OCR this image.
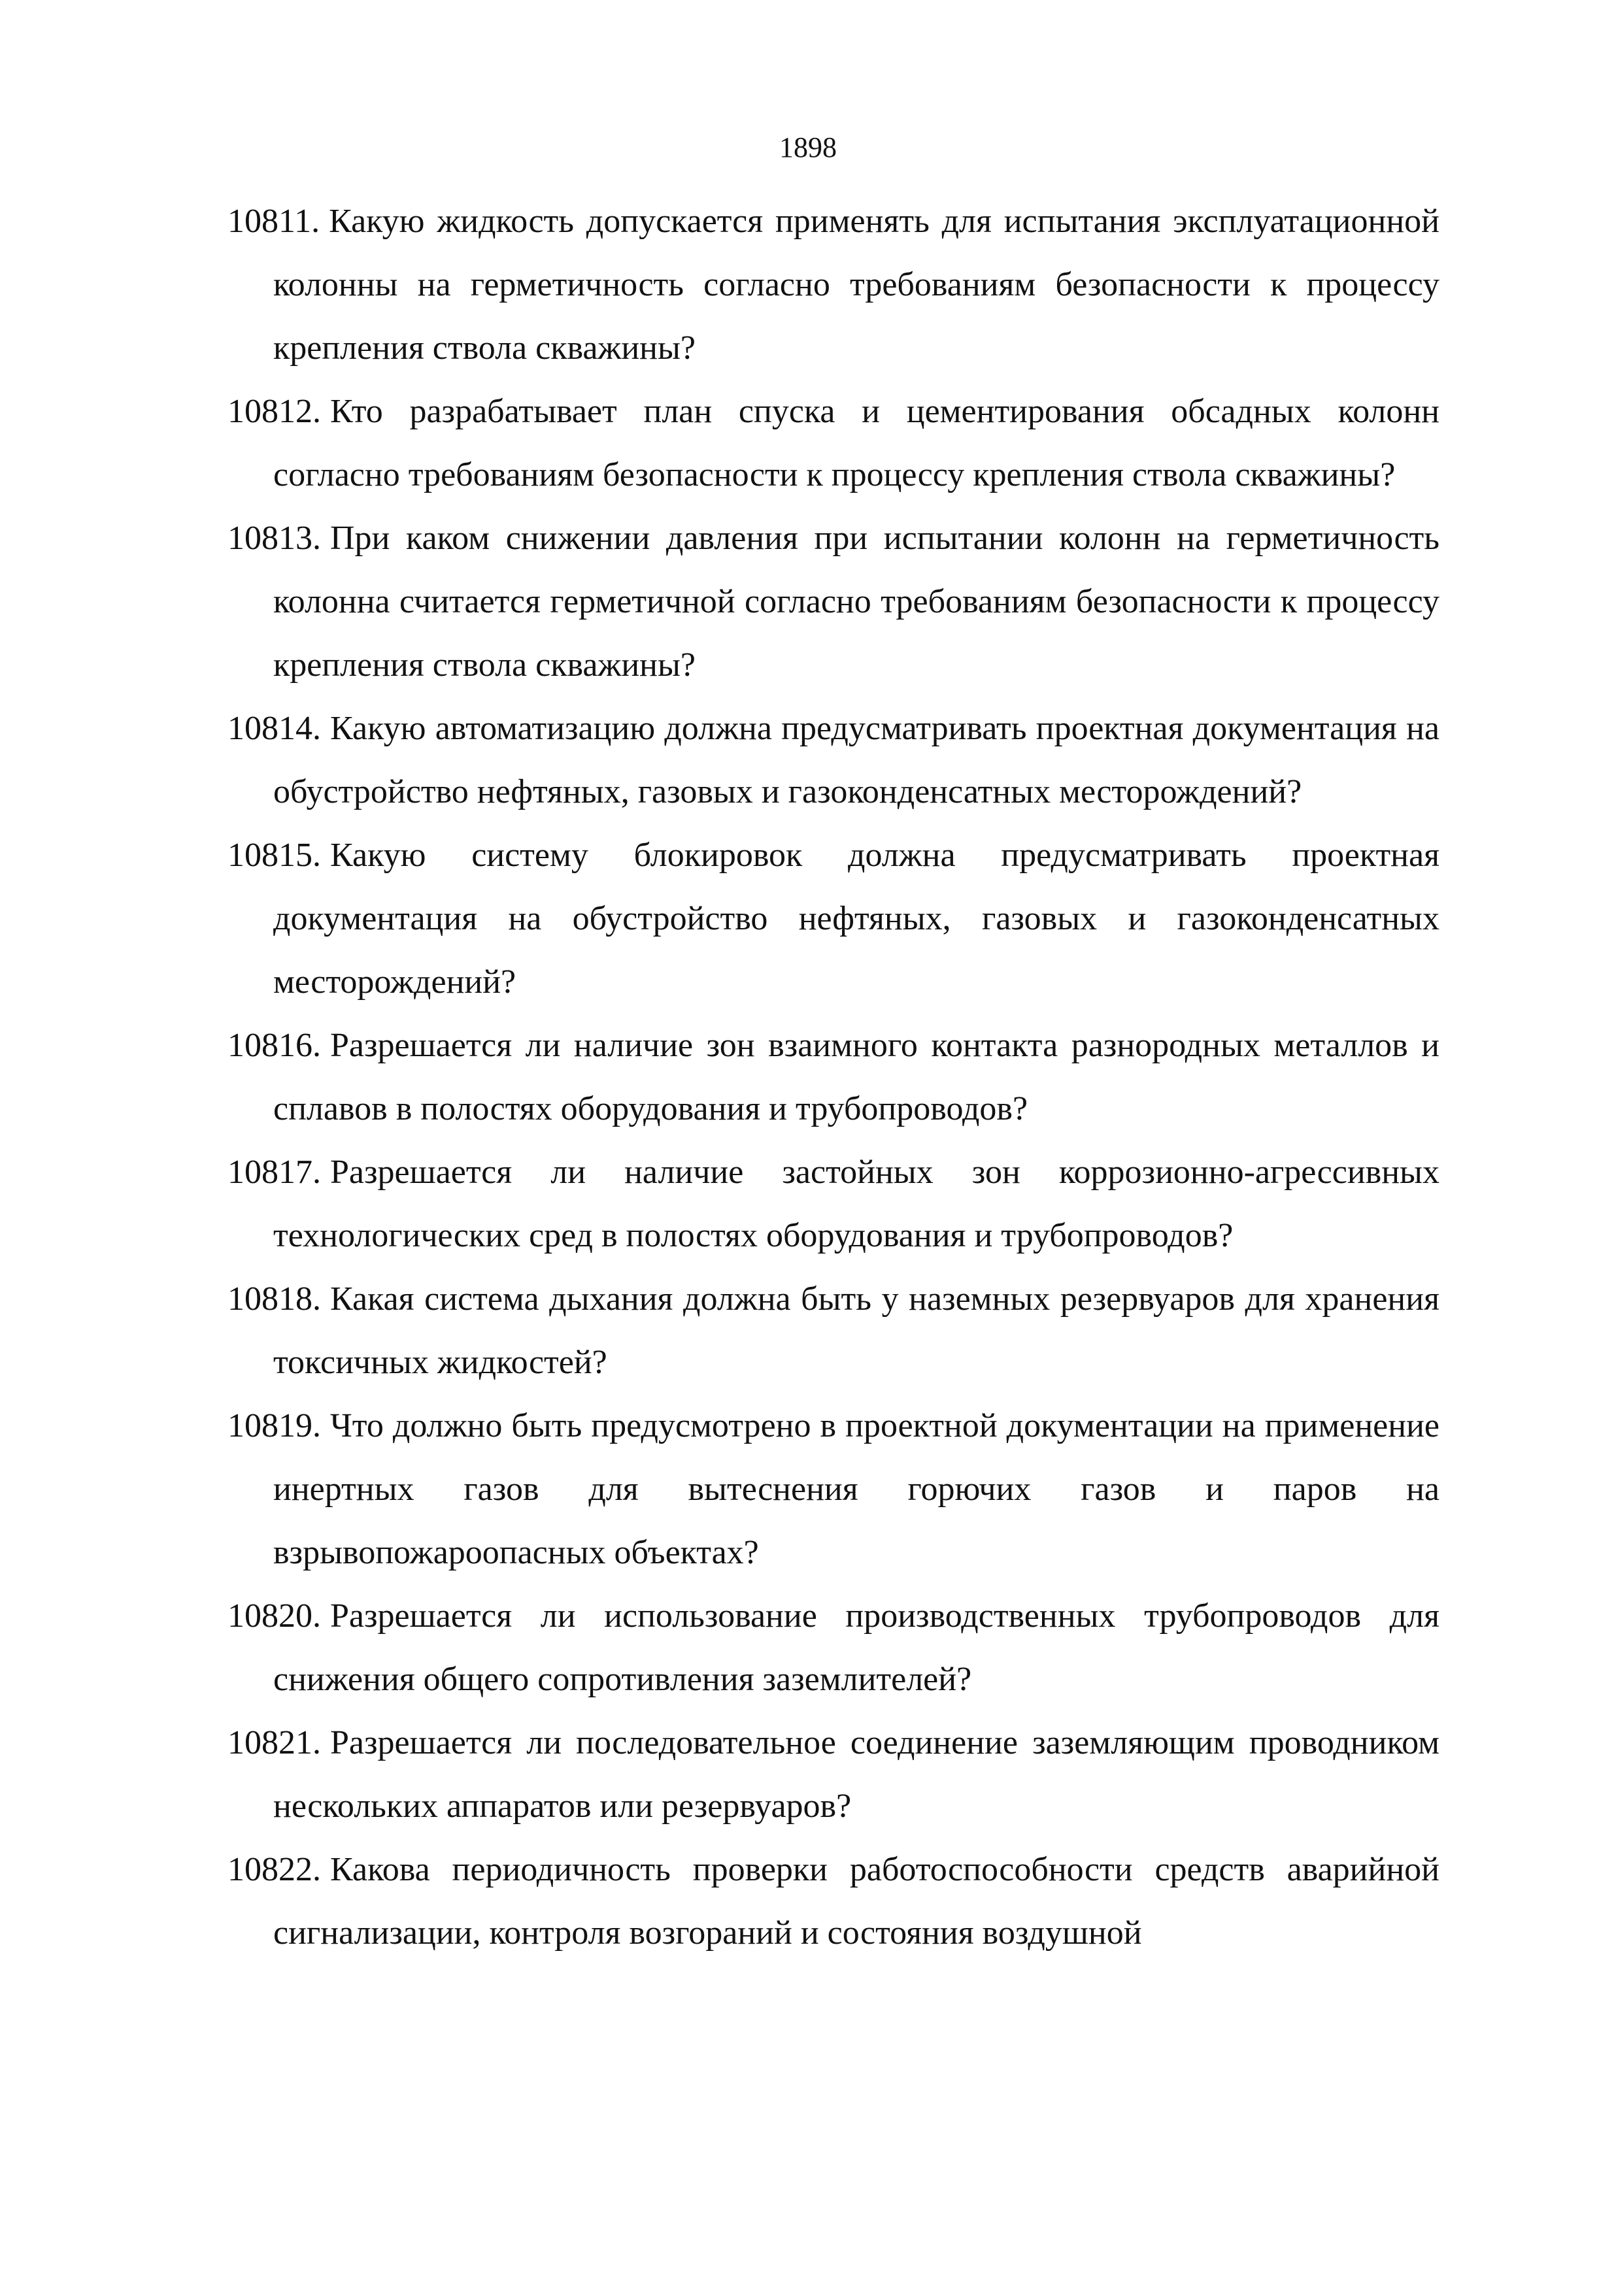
1898

10811. Какую жидкость допускается применять для испытания эксплуатационной колонны на герметичность согласно требованиям безопасности к процессу крепления ствола скважины?

10812. Кто разрабатывает план спуска и цементирования обсадных колонн согласно требованиям безопасности к процессу крепления ствола скважины?

10813. При каком снижении давления при испытании колонн на герметичность колонна считается герметичной согласно требованиям безопасности к процессу крепления ствола скважины?

10814. Какую автоматизацию должна предусматривать проектная документация на обустройство нефтяных, газовых и газоконденсатных месторождений?

10815. Какую систему блокировок должна предусматривать проектная документация на обустройство нефтяных, газовых и газоконденсатных месторождений?

10816. Разрешается ли наличие зон взаимного контакта разнородных металлов и сплавов в полостях оборудования и трубопроводов?

10817. Разрешается ли наличие застойных зон коррозионно-агрессивных технологических сред в полостях оборудования и трубопроводов?

10818. Какая система дыхания должна быть у наземных резервуаров для хранения токсичных жидкостей?

10819. Что должно быть предусмотрено в проектной документации на применение инертных газов для вытеснения горючих газов и паров на взрывопожароопасных объектах?

10820. Разрешается ли использование производственных трубопроводов для снижения общего сопротивления заземлителей?

10821. Разрешается ли последовательное соединение заземляющим проводником нескольких аппаратов или резервуаров?

10822. Какова периодичность проверки работоспособности средств аварийной сигнализации, контроля возгораний и состояния воздушной
